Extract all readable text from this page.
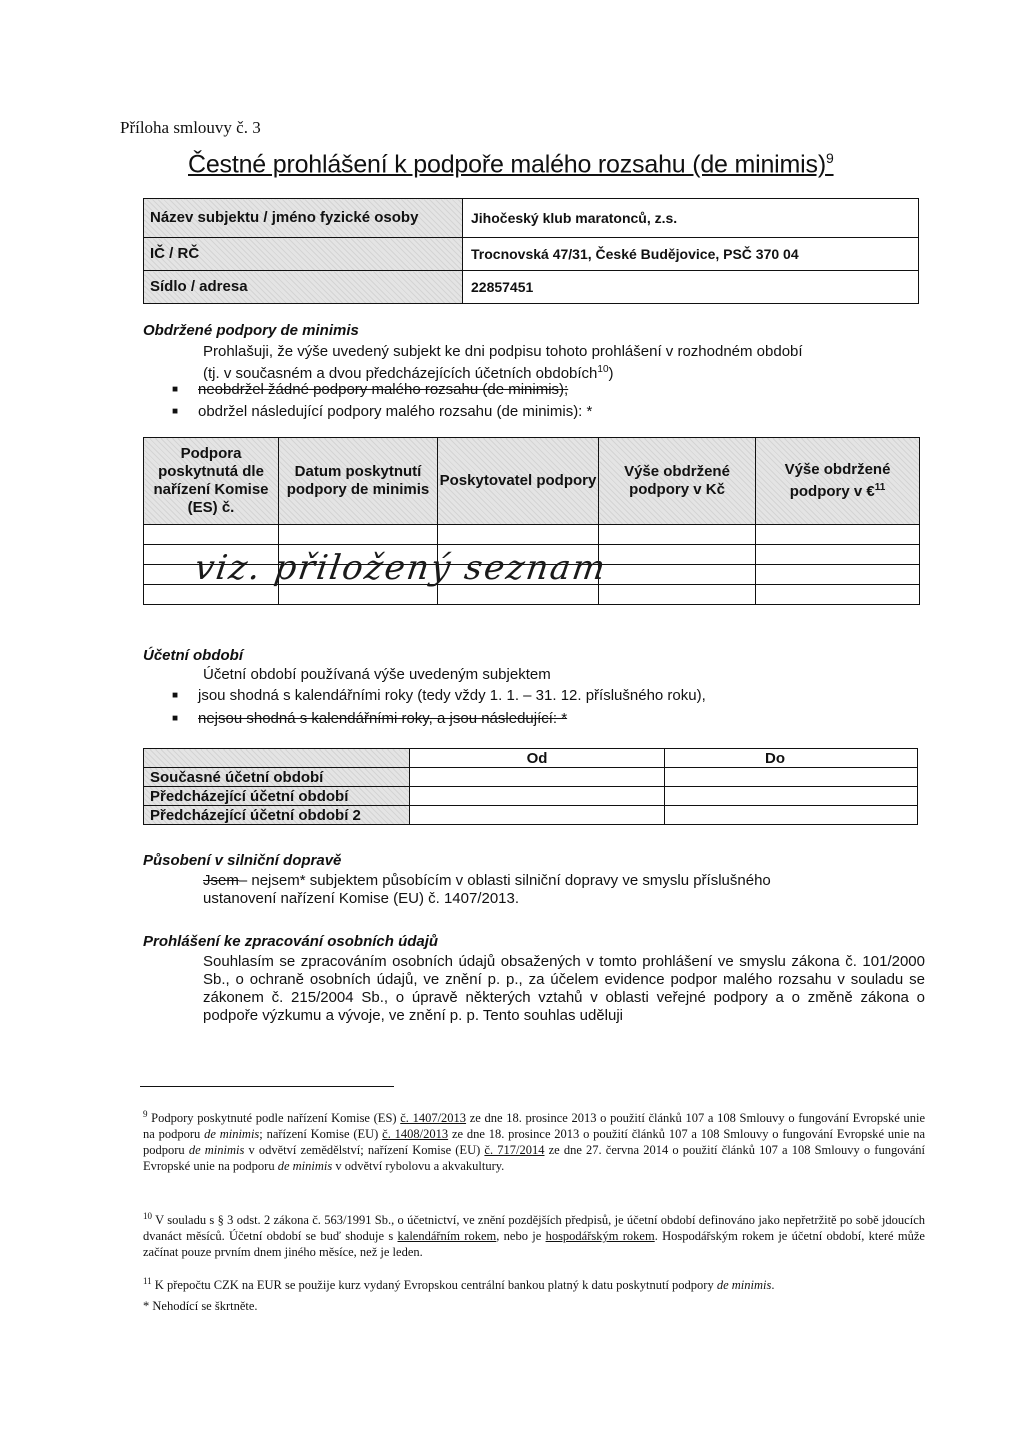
Příloha smlouvy č. 3
Čestné prohlášení k podpoře malého rozsahu (de minimis)$^9$
Název subjektu / jméno fyzické osoby	Jihočeský klub maratonců, z.s.
IČ / RČ	Trocnovská 47/31, České Budějovice, PSČ 370 04
Sídlo / adresa	22857451
Obdržené podpory de minimis
Prohlašuji, že výše uvedený subjekt ke dni podpisu tohoto prohlášení v rozhodném období
(tj. v současném a dvou předcházejících účetních obdobích$^{10}$)
■ neobdržel žádné podpory malého rozsahu (de minimis);
■ obdržel následující podpory malého rozsahu (de minimis): *
Podpora poskytnutá dle nařízení Komise (ES) č.	Datum poskytnutí podpory de minimis	Poskytovatel podpory	Výše obdržené podpory v Kč	Výše obdržené podpory v €$^{11}$

viz. přiložený seznam
Účetní období
Účetní období používaná výše uvedeným subjektem
■ jsou shodná s kalendářními roky (tedy vždy 1. 1. – 31. 12. příslušného roku),
■ nejsou shodná s kalendářními roky, a jsou následující: *
	Od	Do
Současné účetní období		
Předcházející účetní období		
Předcházející účetní období 2		
Působení v silniční dopravě
Jsem– nejsem* subjektem působícím v oblasti silniční dopravy ve smyslu příslušného
ustanovení nařízení Komise (EU) č. 1407/2013.
Prohlášení ke zpracování osobních údajů
Souhlasím se zpracováním osobních údajů obsažených v tomto prohlášení ve smyslu zákona č. 101/2000 Sb., o ochraně osobních údajů, ve znění p. p., za účelem evidence podpor malého rozsahu v souladu se zákonem č. 215/2004 Sb., o úpravě některých vztahů v oblasti veřejné podpory a o změně zákona o podpoře výzkumu a vývoje, ve znění p. p. Tento souhlas uděluji
$^9$ Podpory poskytnuté podle nařízení Komise (ES) č. 1407/2013 ze dne 18. prosince 2013 o použití článků 107 a 108 Smlouvy o fungování Evropské unie na podporu de minimis; nařízení Komise (EU) č. 1408/2013 ze dne 18. prosince 2013 o použití článků 107 a 108 Smlouvy o fungování Evropské unie na podporu de minimis v odvětví zemědělství; nařízení Komise (EU) č. 717/2014 ze dne 27. června 2014 o použití článků 107 a 108 Smlouvy o fungování Evropské unie na podporu de minimis v odvětví rybolovu a akvakultury.
$^{10}$ V souladu s § 3 odst. 2 zákona č. 563/1991 Sb., o účetnictví, ve znění pozdějších předpisů, je účetní období definováno jako nepřetržitě po sobě jdoucích dvanáct měsíců. Účetní období se buď shoduje s kalendářním rokem, nebo je hospodářským rokem. Hospodářským rokem je účetní období, které může začínat pouze prvním dnem jiného měsíce, než je leden.
$^{11}$ K přepočtu CZK na EUR se použije kurz vydaný Evropskou centrální bankou platný k datu poskytnutí podpory de minimis.
* Nehodící se škrtněte.
